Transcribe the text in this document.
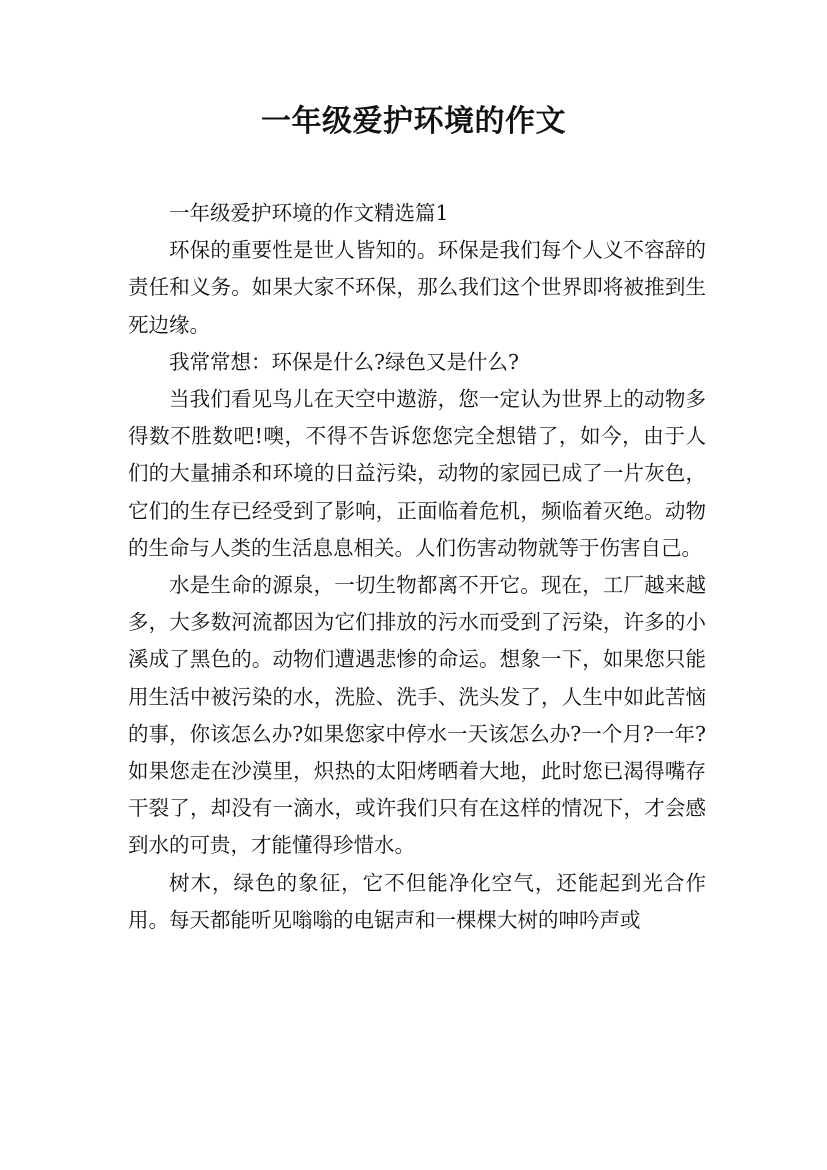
一年级爱护环境的作文

一年级爱护环境的作文精选篇1

环保的重要性是世人皆知的。环保是我们每个人义不容辞的责任和义务。如果大家不环保，那么我们这个世界即将被推到生死边缘。

我常常想：环保是什么?绿色又是什么?

当我们看见鸟儿在天空中遨游，您一定认为世界上的动物多得数不胜数吧!噢，不得不告诉您您完全想错了，如今，由于人们的大量捕杀和环境的日益污染，动物的家园已成了一片灰色，它们的生存已经受到了影响，正面临着危机，频临着灭绝。动物的生命与人类的生活息息相关。人们伤害动物就等于伤害自己。

水是生命的源泉，一切生物都离不开它。现在，工厂越来越多，大多数河流都因为它们排放的污水而受到了污染，许多的小溪成了黑色的。动物们遭遇悲惨的命运。想象一下，如果您只能用生活中被污染的水，洗脸、洗手、洗头发了，人生中如此苦恼的事，你该怎么办?如果您家中停水一天该怎么办?一个月?一年?如果您走在沙漠里，炽热的太阳烤晒着大地，此时您已渴得嘴存干裂了，却没有一滴水，或许我们只有在这样的情况下，才会感到水的可贵，才能懂得珍惜水。

树木，绿色的象征，它不但能净化空气，还能起到光合作用。每天都能听见嗡嗡的电锯声和一棵棵大树的呻吟声或
